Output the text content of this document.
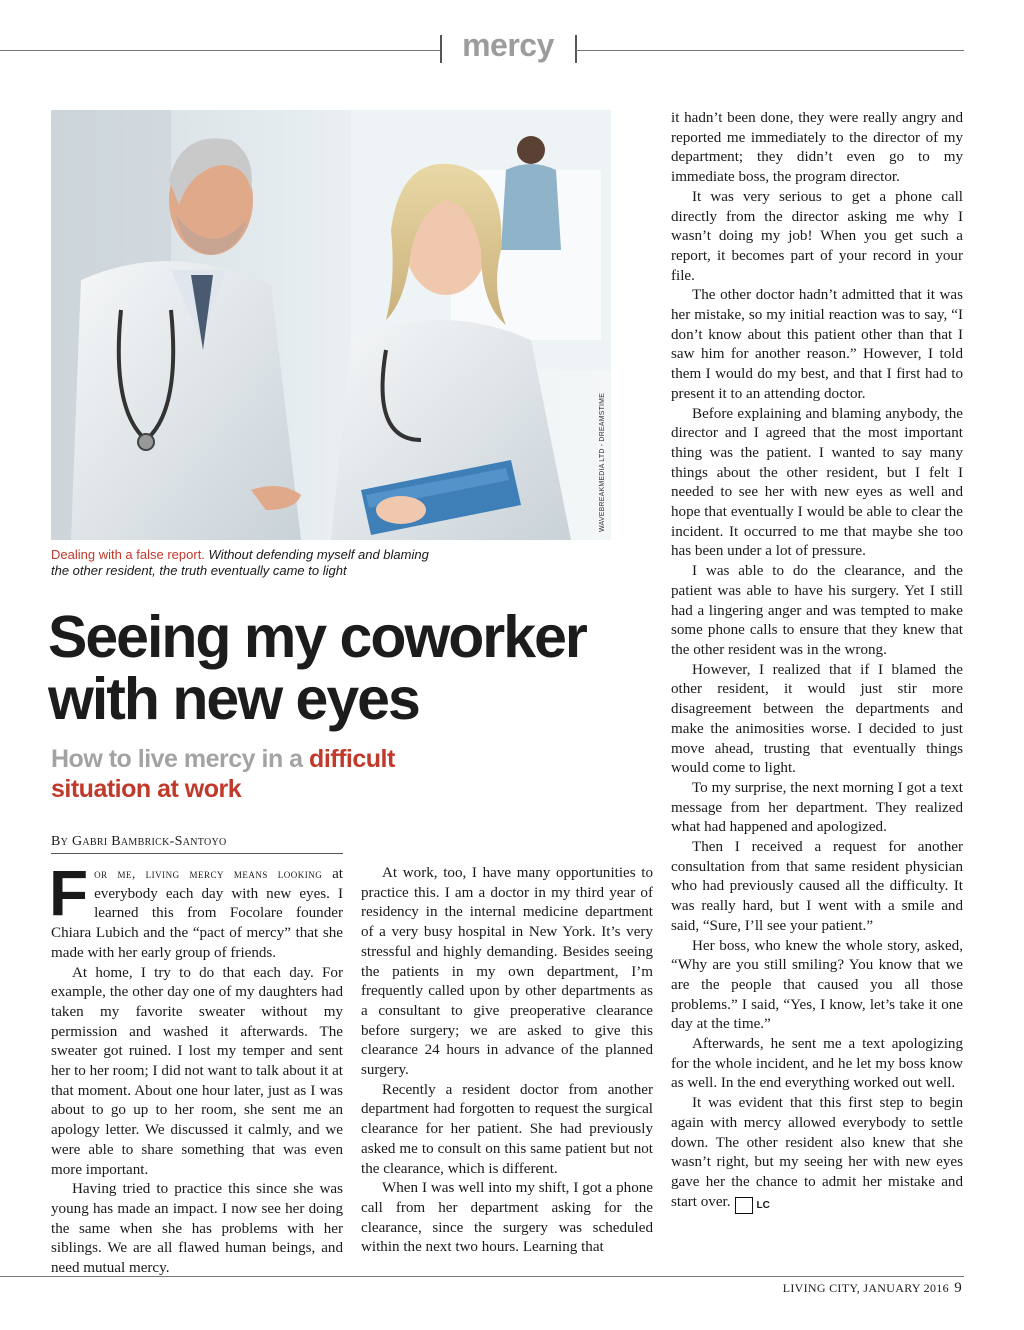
mercy
WAVEBREAKMEDIA LTD - DREAMSTIME
Dealing with a false report. Without defending myself and blaming the other resident, the truth eventually came to light
Seeing my coworker
with new eyes
How to live mercy in a difficult
situation at work
By Gabri Bambrick-Santoyo

For me, living mercy means looking at everybody each day with new eyes. I learned this from Focolare founder Chiara Lubich and the “pact of mercy” that she made with her early group of friends.

At home, I try to do that each day. For example, the other day one of my daughters had taken my favorite sweater without my permission and washed it afterwards. The sweater got ruined. I lost my temper and sent her to her room; I did not want to talk about it at that moment. About one hour later, just as I was about to go up to her room, she sent me an apology letter. We discussed it calmly, and we were able to share something that was even more important.

Having tried to practice this since she was young has made an impact. I now see her doing the same when she has problems with her siblings. We are all flawed human beings, and need mutual mercy.

At work, too, I have many opportunities to practice this. I am a doctor in my third year of residency in the internal medicine department of a very busy hospital in New York. It’s very stressful and highly demanding. Besides seeing the patients in my own department, I’m frequently called upon by other departments as a consultant to give preoperative clearance before surgery; we are asked to give this clearance 24 hours in advance of the planned surgery.

Recently a resident doctor from another department had forgotten to request the surgical clearance for her patient. She had previously asked me to consult on this same patient but not the clearance, which is different.

When I was well into my shift, I got a phone call from her department asking for the clearance, since the surgery was scheduled within the next two hours. Learning that

it hadn’t been done, they were really angry and reported me immediately to the director of my department; they didn’t even go to my immediate boss, the program director.

It was very serious to get a phone call directly from the director asking me why I wasn’t doing my job! When you get such a report, it becomes part of your record in your file.

The other doctor hadn’t admitted that it was her mistake, so my initial reaction was to say, “I don’t know about this patient other than that I saw him for another reason.” However, I told them I would do my best, and that I first had to present it to an attending doctor.

Before explaining and blaming anybody, the director and I agreed that the most important thing was the patient. I wanted to say many things about the other resident, but I felt I needed to see her with new eyes as well and hope that eventually I would be able to clear the incident. It occurred to me that maybe she too has been under a lot of pressure.

I was able to do the clearance, and the patient was able to have his surgery. Yet I still had a lingering anger and was tempted to make some phone calls to ensure that they knew that the other resident was in the wrong.

However, I realized that if I blamed the other resident, it would just stir more disagreement between the departments and make the animosities worse. I decided to just move ahead, trusting that eventually things would come to light.

To my surprise, the next morning I got a text message from her department. They realized what had happened and apologized.

Then I received a request for another consultation from that same resident physician who had previously caused all the difficulty. It was really hard, but I went with a smile and said, “Sure, I’ll see your patient.”

Her boss, who knew the whole story, asked, “Why are you still smiling? You know that we are the people that caused you all those problems.” I said, “Yes, I know, let’s take it one day at the time.”

Afterwards, he sent me a text apologizing for the whole incident, and he let my boss know as well. In the end everything worked out well.

It was evident that this first step to begin again with mercy allowed everybody to settle down. The other resident also knew that she wasn’t right, but my seeing her with new eyes gave her the chance to admit her mistake and start over.	LC

LIVING CITY, JANUARY 2016 9
